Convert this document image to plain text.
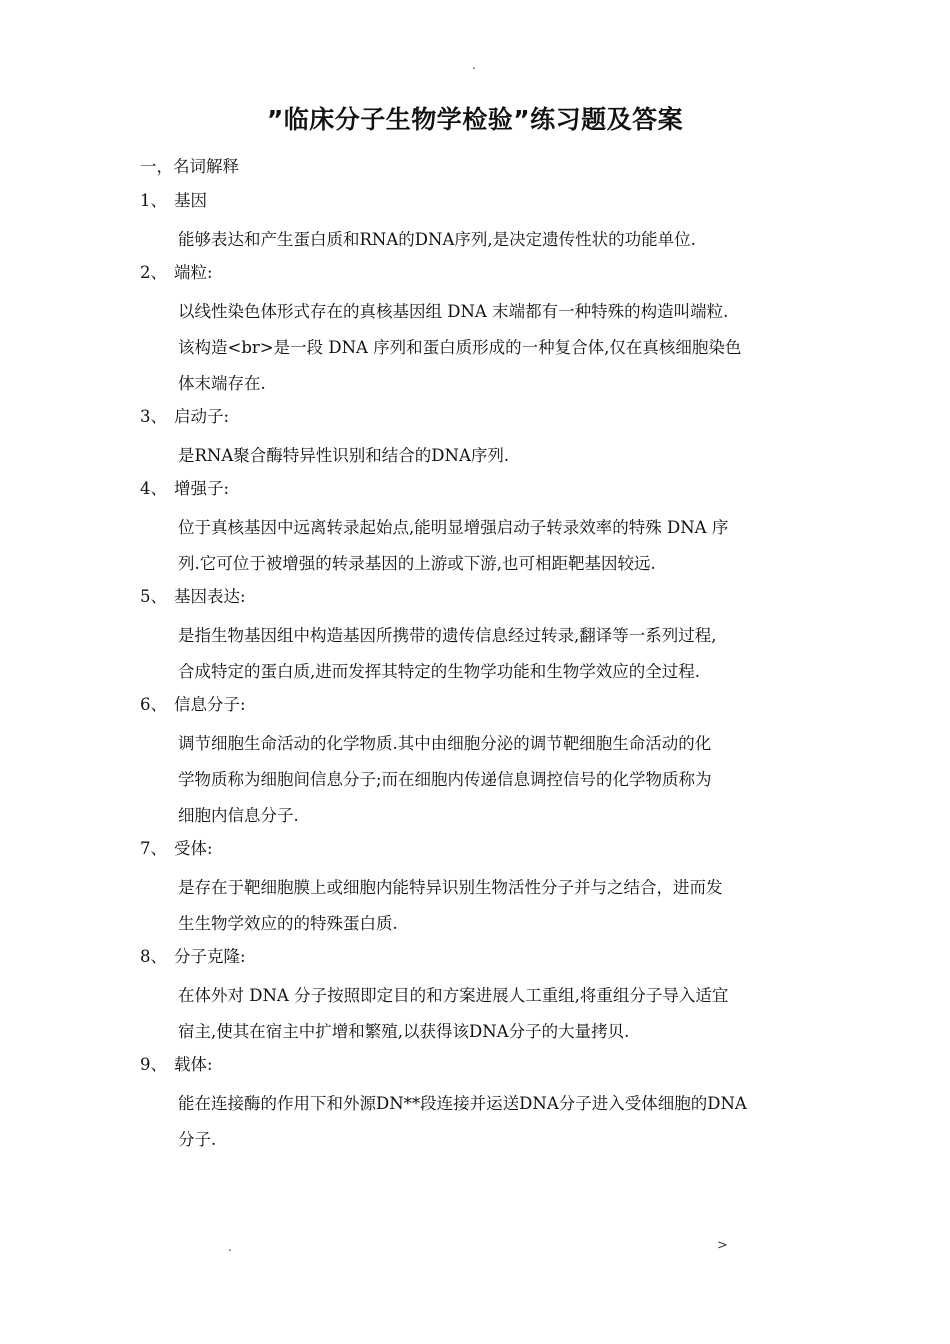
.
”临床分子生物学检验”练习题及答案
一，名词解释
1、 基因
能够表达和产生蛋白质和RNA的DNA序列,是决定遗传性状的功能单位.
2、 端粒:
以线性染色体形式存在的真核基因组 DNA 末端都有一种特殊的构造叫端粒.
该构造<br>是一段 DNA 序列和蛋白质形成的一种复合体,仅在真核细胞染色
体末端存在.
3、 启动子:
是RNA聚合酶特异性识别和结合的DNA序列.
4、 增强子:
位于真核基因中远离转录起始点,能明显增强启动子转录效率的特殊 DNA 序
列.它可位于被增强的转录基因的上游或下游,也可相距靶基因较远.
5、 基因表达:
是指生物基因组中构造基因所携带的遗传信息经过转录,翻译等一系列过程,
合成特定的蛋白质,进而发挥其特定的生物学功能和生物学效应的全过程.
6、 信息分子:
调节细胞生命活动的化学物质.其中由细胞分泌的调节靶细胞生命活动的化
学物质称为细胞间信息分子;而在细胞内传递信息调控信号的化学物质称为
细胞内信息分子.
7、 受体:
是存在于靶细胞膜上或细胞内能特异识别生物活性分子并与之结合，进而发
生生物学效应的的特殊蛋白质.
8、 分子克隆:
在体外对 DNA 分子按照即定目的和方案进展人工重组,将重组分子导入适宜
宿主,使其在宿主中扩增和繁殖,以获得该DNA分子的大量拷贝.
9、 载体:
能在连接酶的作用下和外源DN**段连接并运送DNA分子进入受体细胞的DNA
分子.
.	>
